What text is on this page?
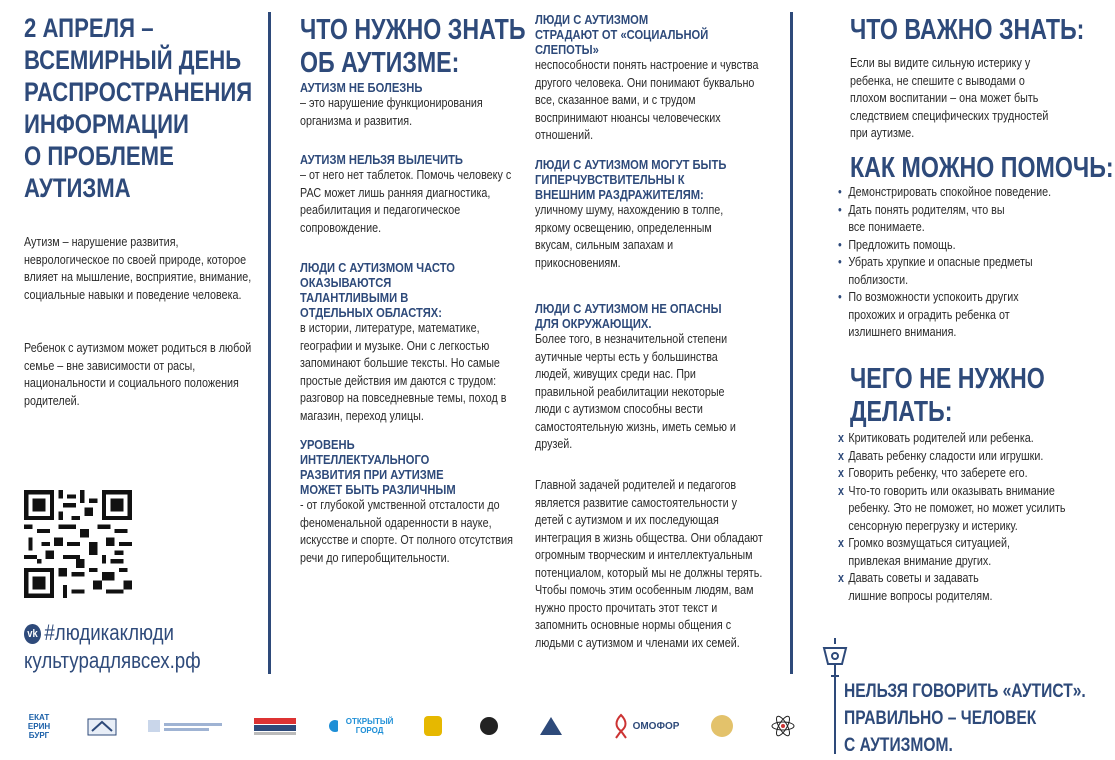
2 АПРЕЛЯ –
ВСЕМИРНЫЙ ДЕНЬ
РАСПРОСТРАНЕНИЯ
ИНФОРМАЦИИ
О ПРОБЛЕМЕ
АУТИЗМА

Аутизм – нарушение развития, неврологическое по своей природе, которое влияет на мышление, восприятие, внимание, социальные навыки и поведение человека.

Ребенок с аутизмом может родиться в любой семье – вне зависимости от расы, национальности и социального положения родителей.

vk #людикаклюди
культурадлявсех.рф
ЧТО НУЖНО ЗНАТЬ
ОБ АУТИЗМЕ:

АУТИЗМ НЕ БОЛЕЗНЬ

– это нарушение функционирования организма и развития.

АУТИЗМ НЕЛЬЗЯ ВЫЛЕЧИТЬ

– от него нет таблеток. Помочь человеку с РАС может лишь ранняя диагностика, реабилитация и педагогическое сопровождение.

ЛЮДИ С АУТИЗМОМ ЧАСТО ОКАЗЫВАЮТСЯ ТАЛАНТЛИВЫМИ В ОТДЕЛЬНЫХ ОБЛАСТЯХ:

в истории, литературе, математике, географии и музыке. Они с легкостью запоминают большие тексты. Но самые простые действия им даются с трудом: разговор на повседневные темы, поход в магазин, переход улицы.

УРОВЕНЬ ИНТЕЛЛЕКТУАЛЬНОГО РАЗВИТИЯ ПРИ АУТИЗМЕ МОЖЕТ БЫТЬ РАЗЛИЧНЫМ

- от глубокой умственной отсталости до феноменальной одаренности в науке, искусстве и спорте. От полного отсутствия речи до гиперобщительности.

ЛЮДИ С АУТИЗМОМ СТРАДАЮТ ОТ «СОЦИАЛЬНОЙ СЛЕПОТЫ»

неспособности понять настроение и чувства другого человека. Они понимают буквально все, сказанное вами, и с трудом воспринимают нюансы человеческих отношений.

ЛЮДИ С АУТИЗМОМ МОГУТ БЫТЬ ГИПЕРЧУВСТВИТЕЛЬНЫ К ВНЕШНИМ РАЗДРАЖИТЕЛЯМ:

уличному шуму, нахождению в толпе, яркому освещению, определенным вкусам, сильным запахам и прикосновениям.

ЛЮДИ С АУТИЗМОМ НЕ ОПАСНЫ ДЛЯ ОКРУЖАЮЩИХ.

Более того, в незначительной степени аутичные черты есть у большинства людей, живущих среди нас. При правильной реабилитации некоторые люди с аутизмом способны вести самостоятельную жизнь, иметь семью и друзей.

Главной задачей родителей и педагогов является развитие самостоятельности у детей с аутизмом и их последующая интеграция в жизнь общества. Они обладают огромным творческим и интеллектуальным потенциалом, который мы не должны терять. Чтобы помочь этим особенным людям, вам нужно просто прочитать этот текст и запомнить основные нормы общения с людьми с аутизмом и членами их семей.

ЧТО ВАЖНО ЗНАТЬ:

Если вы видите сильную истерику у ребенка, не спешите с выводами о плохом воспитании – она может быть следствием специфических трудностей при аутизме.

КАК МОЖНО ПОМОЧЬ:
• Демонстрировать спокойное поведение.
• Дать понять родителям, что вы все понимаете.
• Предложить помощь.
• Убрать хрупкие и опасные предметы поблизости.
• По возможности успокоить других прохожих и оградить ребенка от излишнего внимания.
ЧЕГО НЕ НУЖНО
ДЕЛАТЬ:
x Критиковать родителей или ребенка.
x Давать ребенку сладости или игрушки.
x Говорить ребенку, что заберете его.
x Что-то говорить или оказывать внимание ребенку. Это не поможет, но может усилить сенсорную перегрузку и истерику.
x Громко возмущаться ситуацией, привлекая внимание других.
x Давать советы и задавать лишние вопросы родителям.
НЕЛЬЗЯ ГОВОРИТЬ «АУТИСТ».
ПРАВИЛЬНО – ЧЕЛОВЕК
С АУТИЗМОМ.
ЕКАТ ЕРИН БУРГ
ОТКРЫТЫЙ ГОРОД	ОМОФОР
